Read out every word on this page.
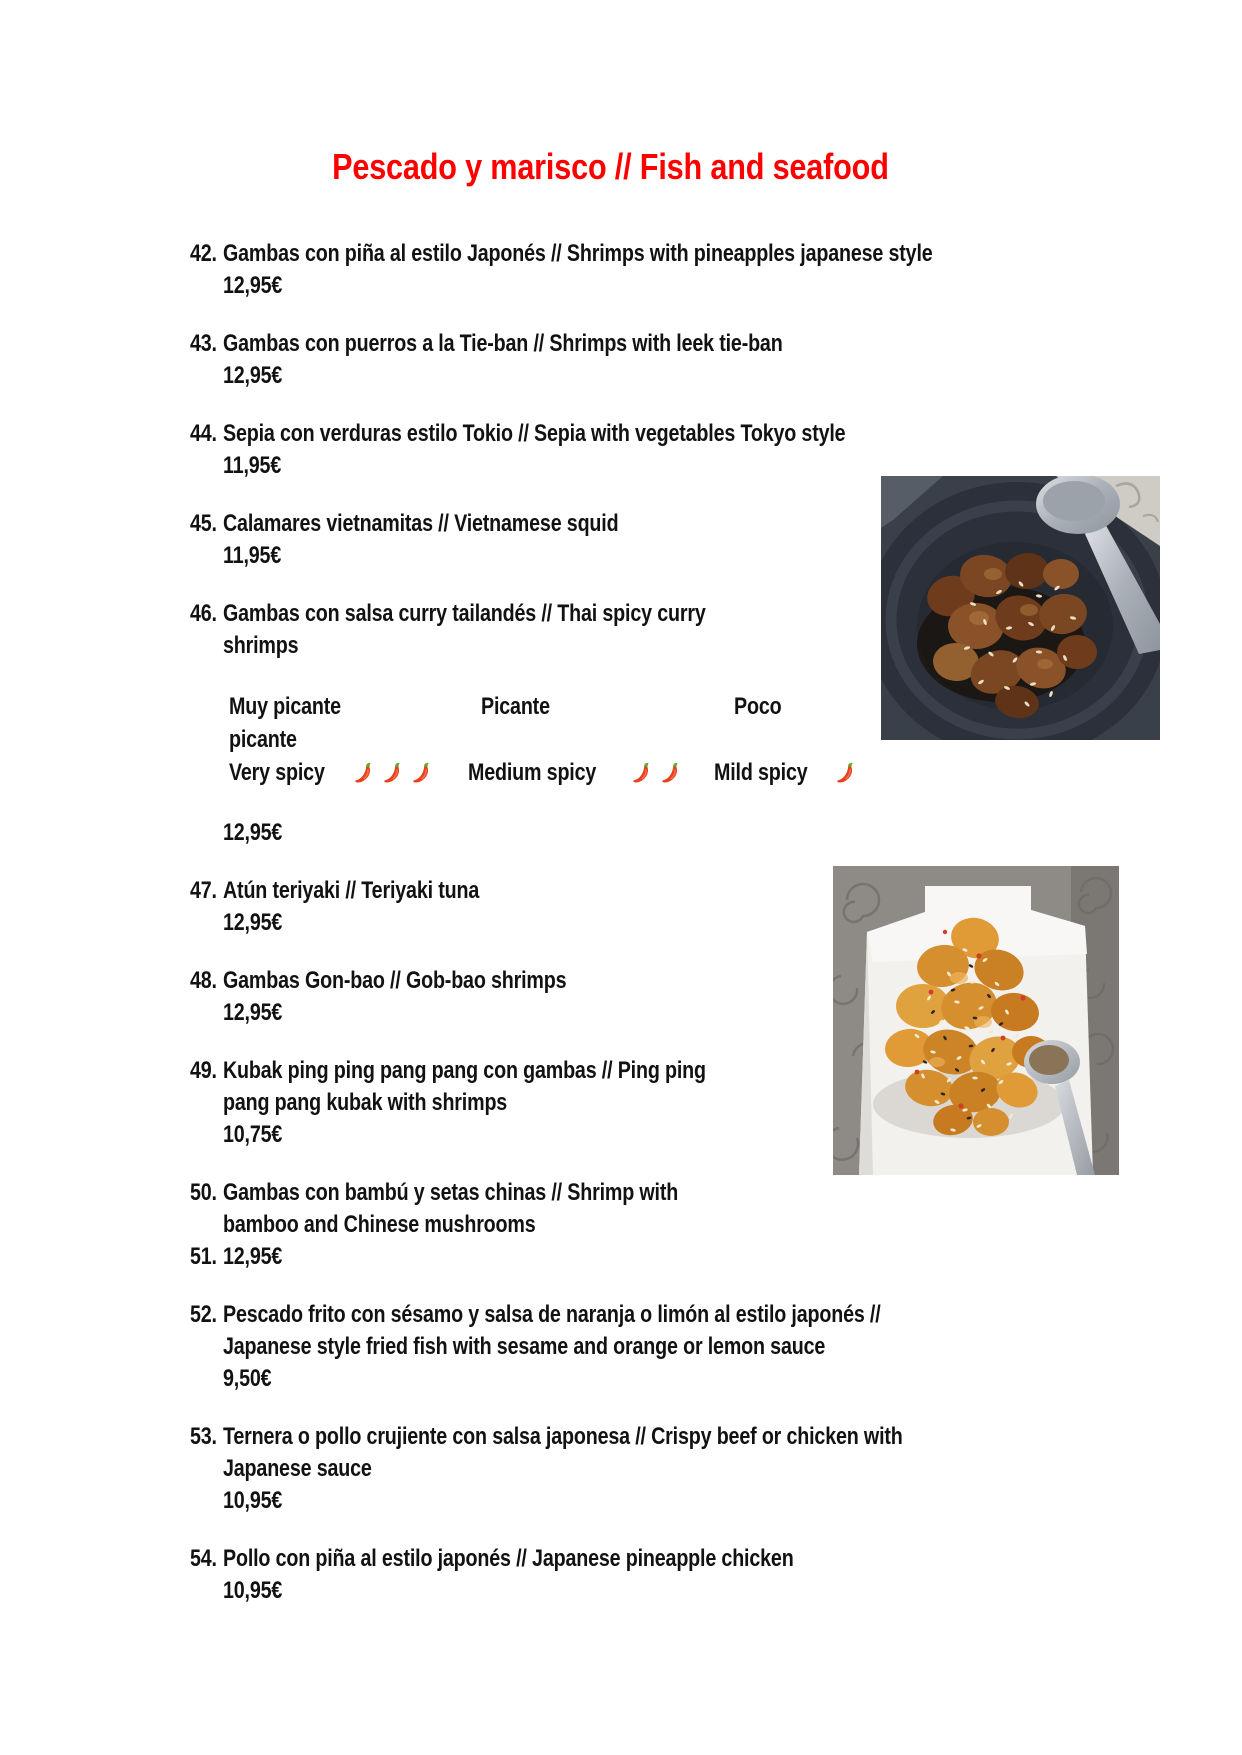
Pescado y marisco // Fish and seafood
Gambas con piña al estilo Japonés // Shrimps with pineapples japanese style
42.
12,95€
Gambas con puerros a la Tie-ban // Shrimps with leek tie-ban
43.
12,95€
Sepia con verduras estilo Tokio // Sepia with vegetables Tokyo style
44.
11,95€
Calamares vietnamitas // Vietnamese squid
45.
11,95€
Gambas con salsa curry tailandés // Thai spicy curry
46.
shrimps
Muy picante	Picante	Poco
picante
Very spicy	Medium spicy	Mild spicy
12,95€
Atún teriyaki // Teriyaki tuna
47.
12,95€
Gambas Gon-bao // Gob-bao shrimps
48.
12,95€
Kubak ping ping pang pang con gambas // Ping ping
49.
pang pang kubak with shrimps
10,75€
Gambas con bambú y setas chinas // Shrimp with
50.
bamboo and Chinese mushrooms
12,95€
51.
Pescado frito con sésamo y salsa de naranja o limón al estilo japonés //
52.
Japanese style fried fish with sesame and orange or lemon sauce
9,50€
Ternera o pollo crujiente con salsa japonesa // Crispy beef or chicken with
53.
Japanese sauce
10,95€
Pollo con piña al estilo japonés // Japanese pineapple chicken
54.
10,95€
